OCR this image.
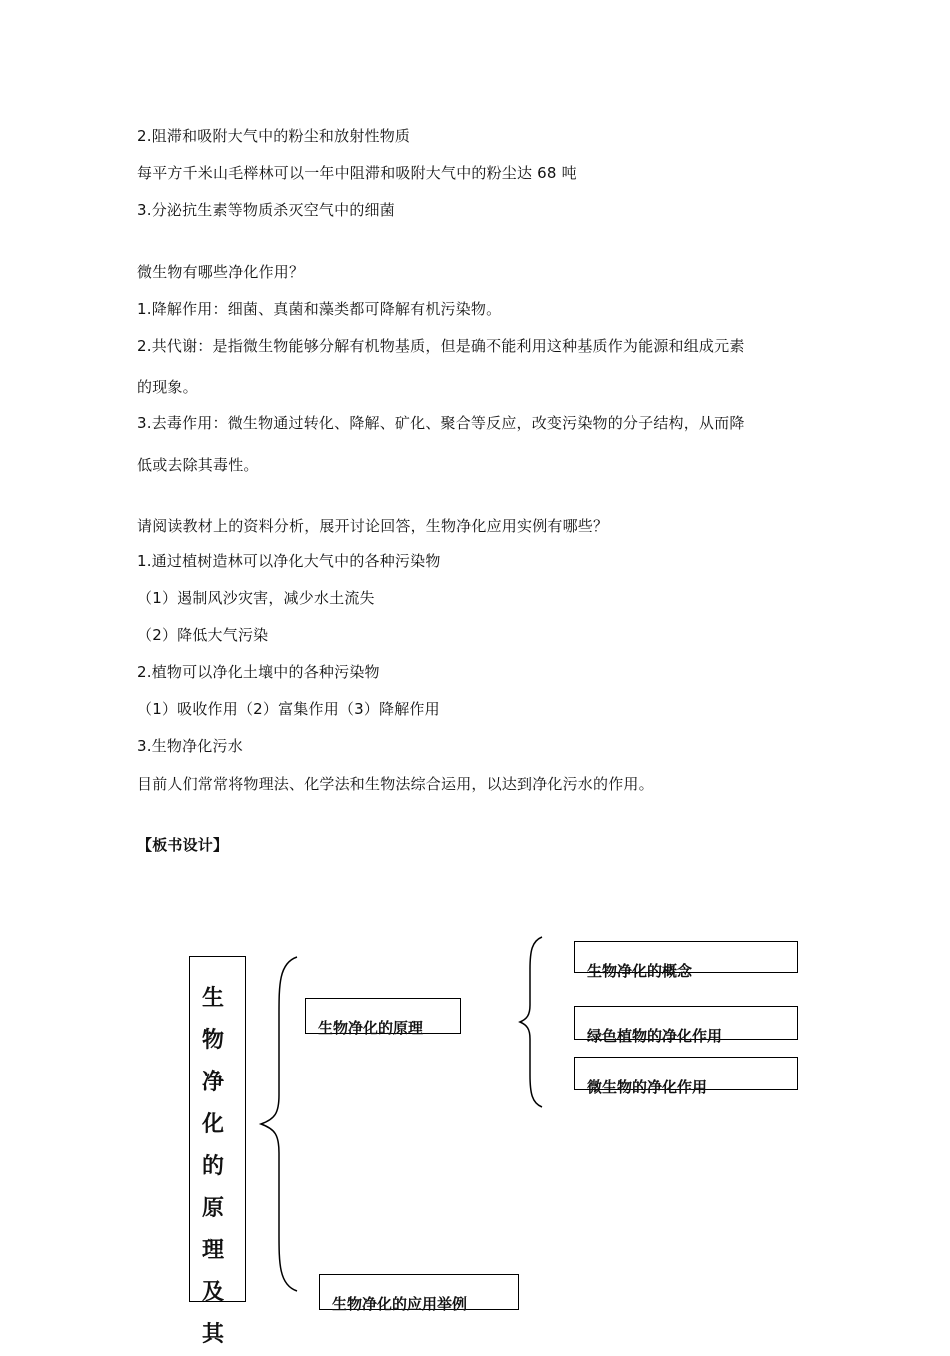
2.阻滞和吸附大气中的粉尘和放射性物质
每平方千米山毛榉林可以一年中阻滞和吸附大气中的粉尘达 68 吨
3.分泌抗生素等物质杀灭空气中的细菌
微生物有哪些净化作用？
1.降解作用：细菌、真菌和藻类都可降解有机污染物。
2.共代谢：是指微生物能够分解有机物基质，但是确不能利用这种基质作为能源和组成元素
的现象。
3.去毒作用：微生物通过转化、降解、矿化、聚合等反应，改变污染物的分子结构，从而降
低或去除其毒性。
请阅读教材上的资料分析，展开讨论回答，生物净化应用实例有哪些？
1.通过植树造林可以净化大气中的各种污染物
（1）遏制风沙灾害，减少水土流失
（2）降低大气污染
2.植物可以净化土壤中的各种污染物
（1）吸收作用（2）富集作用（3）降解作用
3.生物净化污水
目前人们常常将物理法、化学法和生物法综合运用，以达到净化污水的作用。
【板书设计】
生物净化的原理及其
生物净化的原理
生物净化的概念
绿色植物的净化作用
微生物的净化作用
生物净化的应用举例
